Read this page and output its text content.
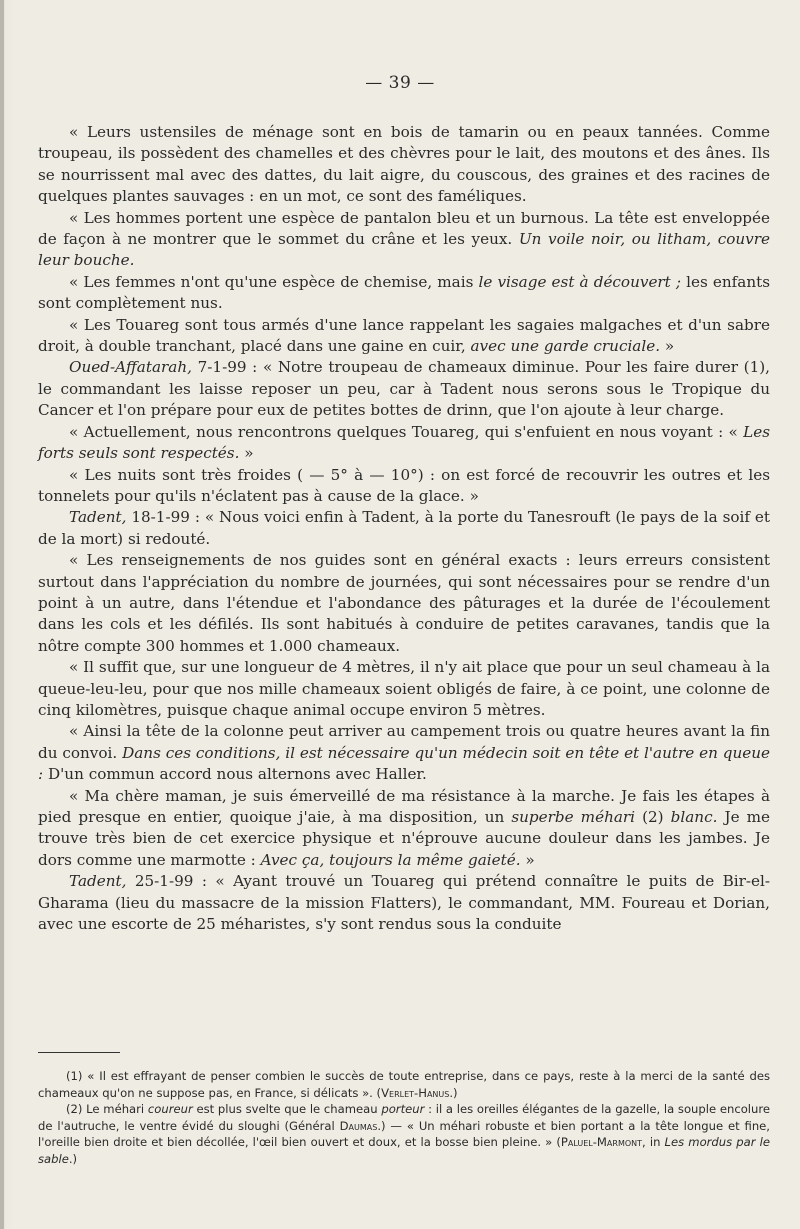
— 39 —

« Leurs ustensiles de ménage sont en bois de tamarin ou en peaux tannées. Comme troupeau, ils possèdent des chamelles et des chèvres pour le lait, des moutons et des ânes. Ils se nourrissent mal avec des dattes, du lait aigre, du couscous, des graines et des racines de quelques plantes sauvages : en un mot, ce sont des faméliques.

« Les hommes portent une espèce de pantalon bleu et un burnous. La tête est enveloppée de façon à ne montrer que le sommet du crâne et les yeux. Un voile noir, ou litham, couvre leur bouche.

« Les femmes n'ont qu'une espèce de chemise, mais le visage est à découvert ; les enfants sont complètement nus.

« Les Touareg sont tous armés d'une lance rappelant les sagaies malgaches et d'un sabre droit, à double tranchant, placé dans une gaine en cuir, avec une garde cruciale. »

Oued-Affatarah, 7-1-99 : « Notre troupeau de chameaux diminue. Pour les faire durer (1), le commandant les laisse reposer un peu, car à Tadent nous serons sous le Tropique du Cancer et l'on prépare pour eux de petites bottes de drinn, que l'on ajoute à leur charge.

« Actuellement, nous rencontrons quelques Touareg, qui s'enfuient en nous voyant : « Les forts seuls sont respectés. »

« Les nuits sont très froides ( — 5° à — 10°) : on est forcé de recouvrir les outres et les tonnelets pour qu'ils n'éclatent pas à cause de la glace. »

Tadent, 18-1-99 : « Nous voici enfin à Tadent, à la porte du Tanesrouft (le pays de la soif et de la mort) si redouté.

« Les renseignements de nos guides sont en général exacts : leurs erreurs consistent surtout dans l'appréciation du nombre de journées, qui sont nécessaires pour se rendre d'un point à un autre, dans l'étendue et l'abondance des pâturages et la durée de l'écoulement dans les cols et les défilés. Ils sont habitués à conduire de petites caravanes, tandis que la nôtre compte 300 hommes et 1.000 chameaux.

« Il suffit que, sur une longueur de 4 mètres, il n'y ait place que pour un seul chameau à la queue-leu-leu, pour que nos mille chameaux soient obligés de faire, à ce point, une colonne de cinq kilomètres, puisque chaque animal occupe environ 5 mètres.

« Ainsi la tête de la colonne peut arriver au campement trois ou quatre heures avant la fin du convoi. Dans ces conditions, il est nécessaire qu'un médecin soit en tête et l'autre en queue : D'un commun accord nous alternons avec Haller.

« Ma chère maman, je suis émerveillé de ma résistance à la marche. Je fais les étapes à pied presque en entier, quoique j'aie, à ma disposition, un superbe méhari (2) blanc. Je me trouve très bien de cet exercice physique et n'éprouve aucune douleur dans les jambes. Je dors comme une marmotte : Avec ça, toujours la même gaieté. »

Tadent, 25-1-99 : « Ayant trouvé un Touareg qui prétend connaître le puits de Bir-el-Gharama (lieu du massacre de la mission Flatters), le commandant, MM. Foureau et Dorian, avec une escorte de 25 méharistes, s'y sont rendus sous la conduite

(1) « Il est effrayant de penser combien le succès de toute entreprise, dans ce pays, reste à la merci de la santé des chameaux qu'on ne suppose pas, en France, si délicats ». (Verlet-Hanus.)

(2) Le méhari coureur est plus svelte que le chameau porteur : il a les oreilles élégantes de la gazelle, la souple encolure de l'autruche, le ventre évidé du sloughi (Général Daumas.) — « Un méhari robuste et bien portant a la tête longue et fine, l'oreille bien droite et bien décollée, l'œil bien ouvert et doux, et la bosse bien pleine. » (Paluel-Marmont, in Les mordus par le sable.)
